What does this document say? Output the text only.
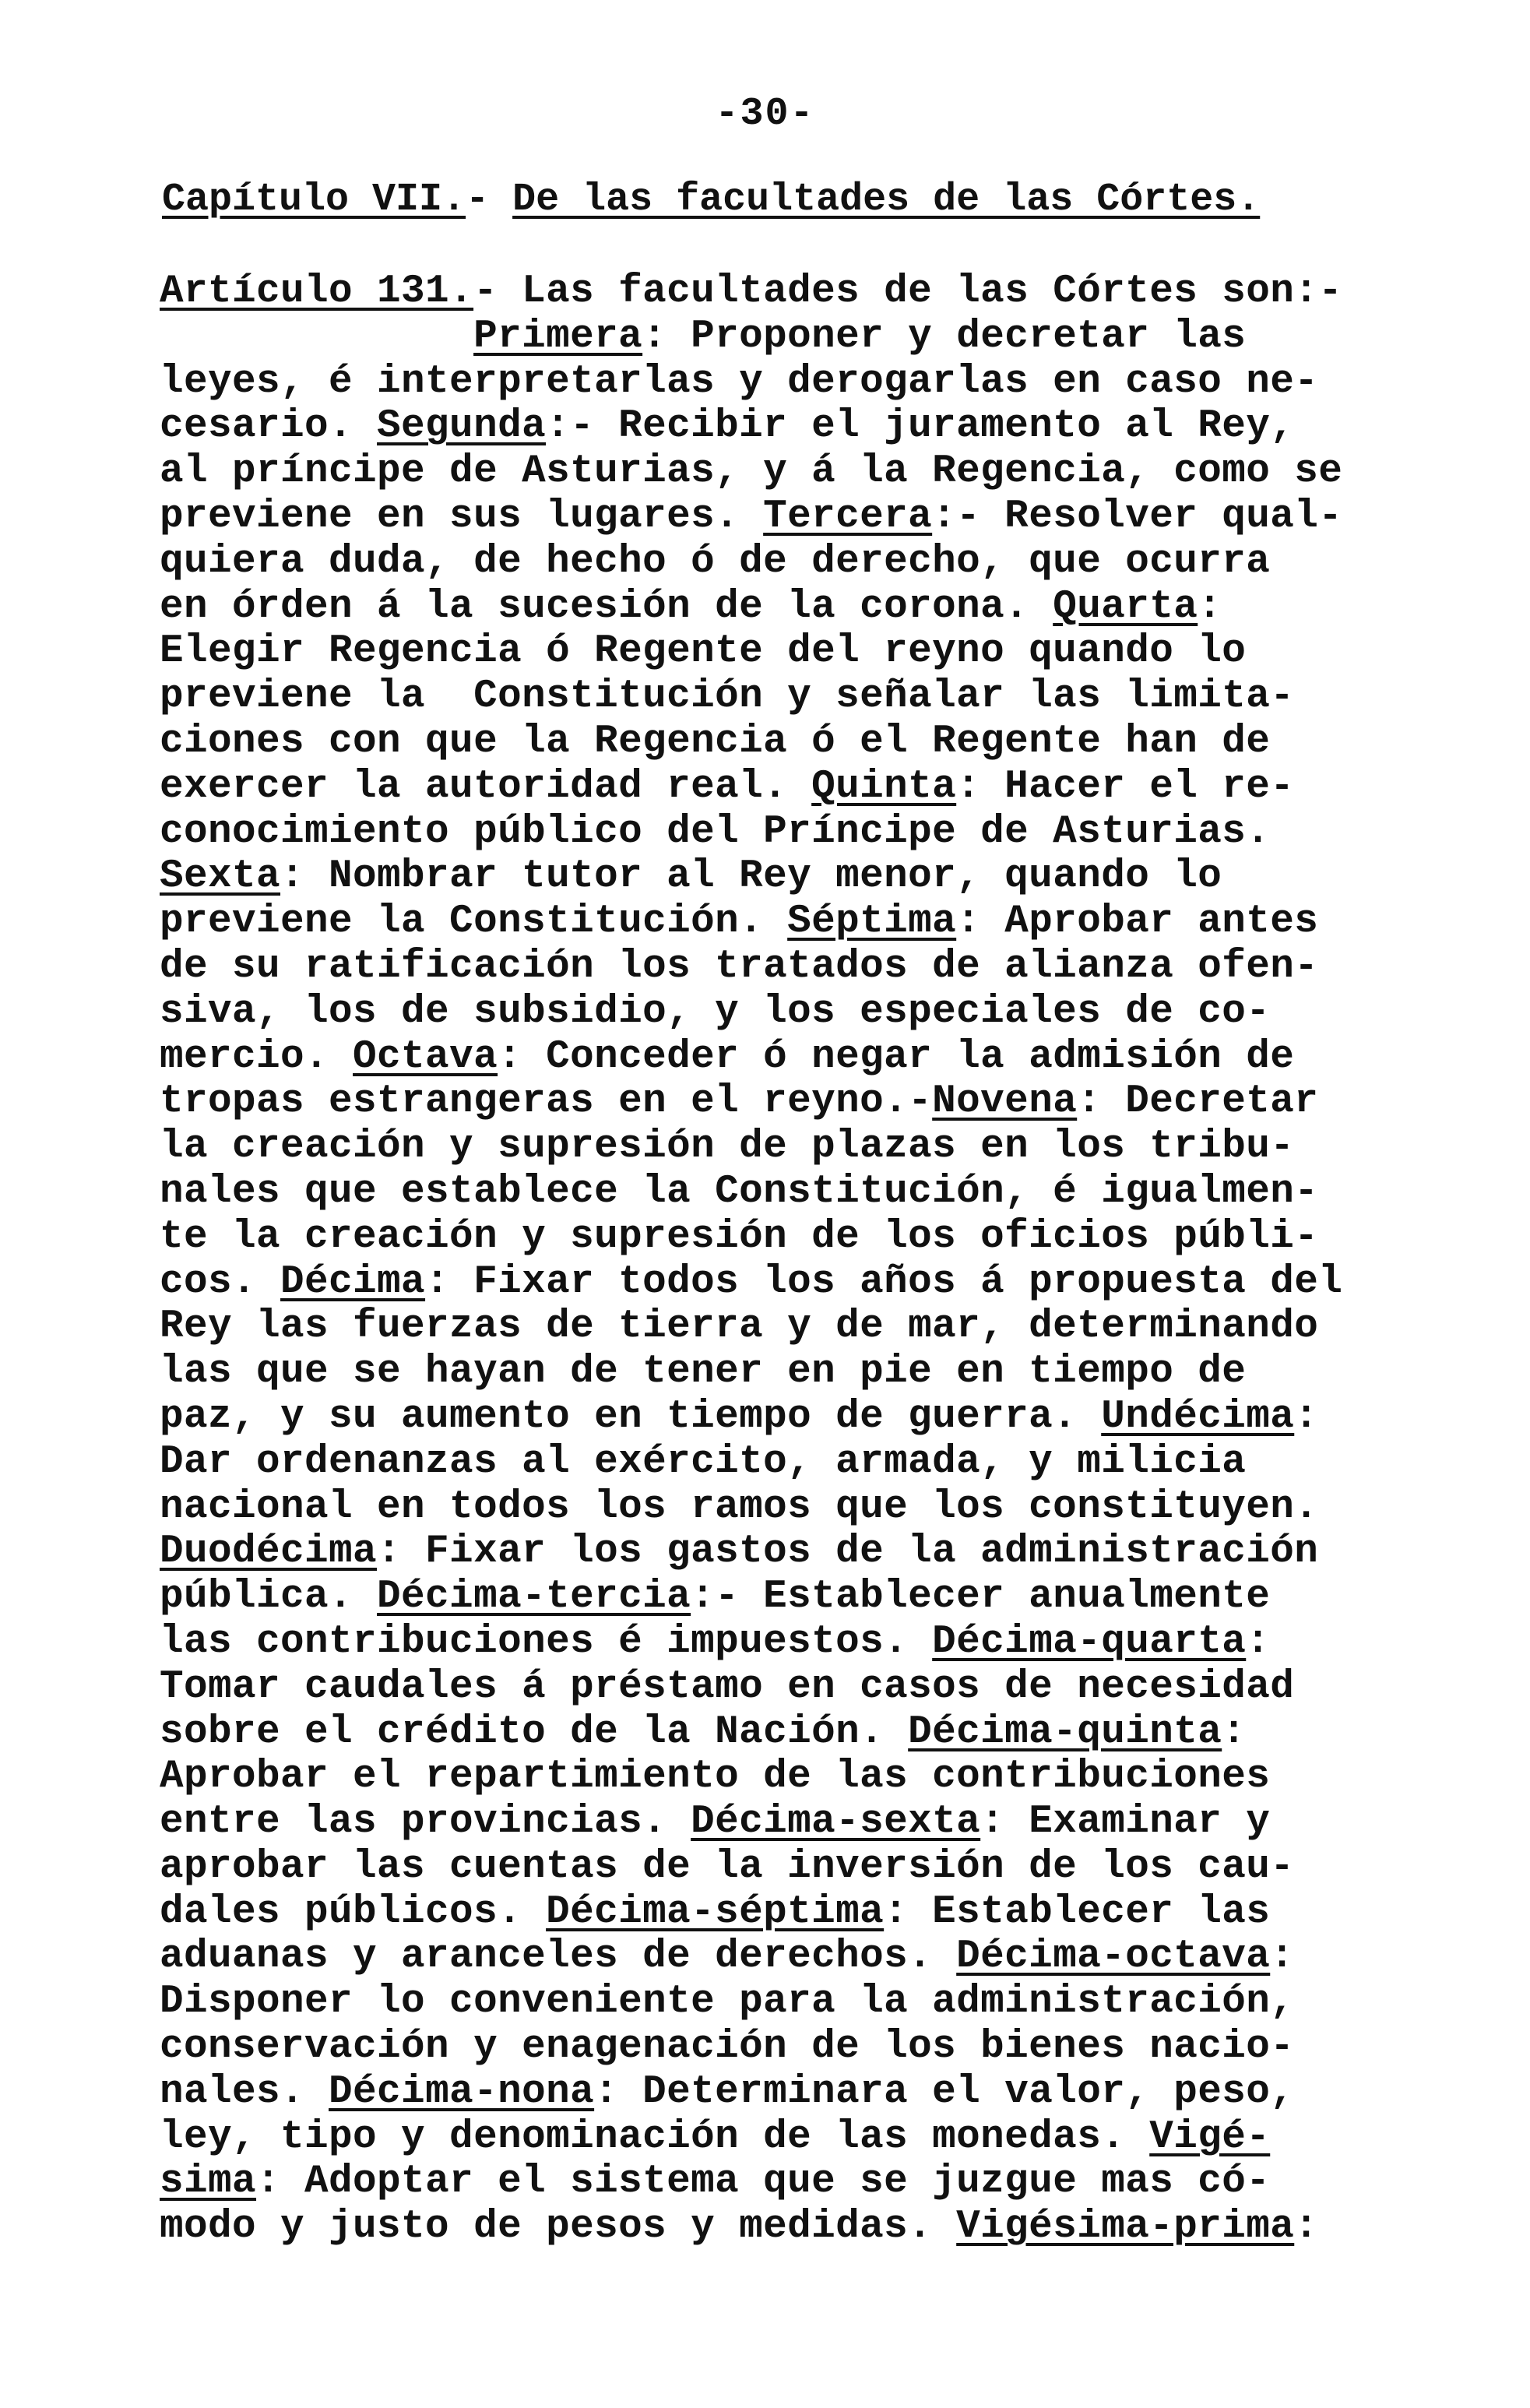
-30-
Capítulo VII.- De las facultades de las Córtes.
Artículo 131.- Las facultades de las Córtes son:-
Primera: Proponer y decretar las
leyes, é interpretarlas y derogarlas en caso ne-
cesario. Segunda:- Recibir el juramento al Rey,
al príncipe de Asturias, y á la Regencia, como se
previene en sus lugares. Tercera:- Resolver qual-
quiera duda, de hecho ó de derecho, que ocurra
en órden á la sucesión de la corona. Quarta:
Elegir Regencia ó Regente del reyno quando lo
previene la  Constitución y señalar las limita-
ciones con que la Regencia ó el Regente han de
exercer la autoridad real. Quinta: Hacer el re-
conocimiento público del Príncipe de Asturias.
Sexta: Nombrar tutor al Rey menor, quando lo
previene la Constitución. Séptima: Aprobar antes
de su ratificación los tratados de alianza ofen-
siva, los de subsidio, y los especiales de co-
mercio. Octava: Conceder ó negar la admisión de
tropas estrangeras en el reyno.-Novena: Decretar
la creación y supresión de plazas en los tribu-
nales que establece la Constitución, é igualmen-
te la creación y supresión de los oficios públi-
cos. Décima: Fixar todos los años á propuesta del
Rey las fuerzas de tierra y de mar, determinando
las que se hayan de tener en pie en tiempo de
paz, y su aumento en tiempo de guerra. Undécima:
Dar ordenanzas al exército, armada, y milicia
nacional en todos los ramos que los constituyen.
Duodécima: Fixar los gastos de la administración
pública. Décima-tercia:- Establecer anualmente
las contribuciones é impuestos. Décima-quarta:
Tomar caudales á préstamo en casos de necesidad
sobre el crédito de la Nación. Décima-quinta:
Aprobar el repartimiento de las contribuciones
entre las provincias. Décima-sexta: Examinar y
aprobar las cuentas de la inversión de los cau-
dales públicos. Décima-séptima: Establecer las
aduanas y aranceles de derechos. Décima-octava:
Disponer lo conveniente para la administración,
conservación y enagenación de los bienes nacio-
nales. Décima-nona: Determinara el valor, peso,
ley, tipo y denominación de las monedas. Vigé-
sima: Adoptar el sistema que se juzgue mas có-
modo y justo de pesos y medidas. Vigésima-prima:
